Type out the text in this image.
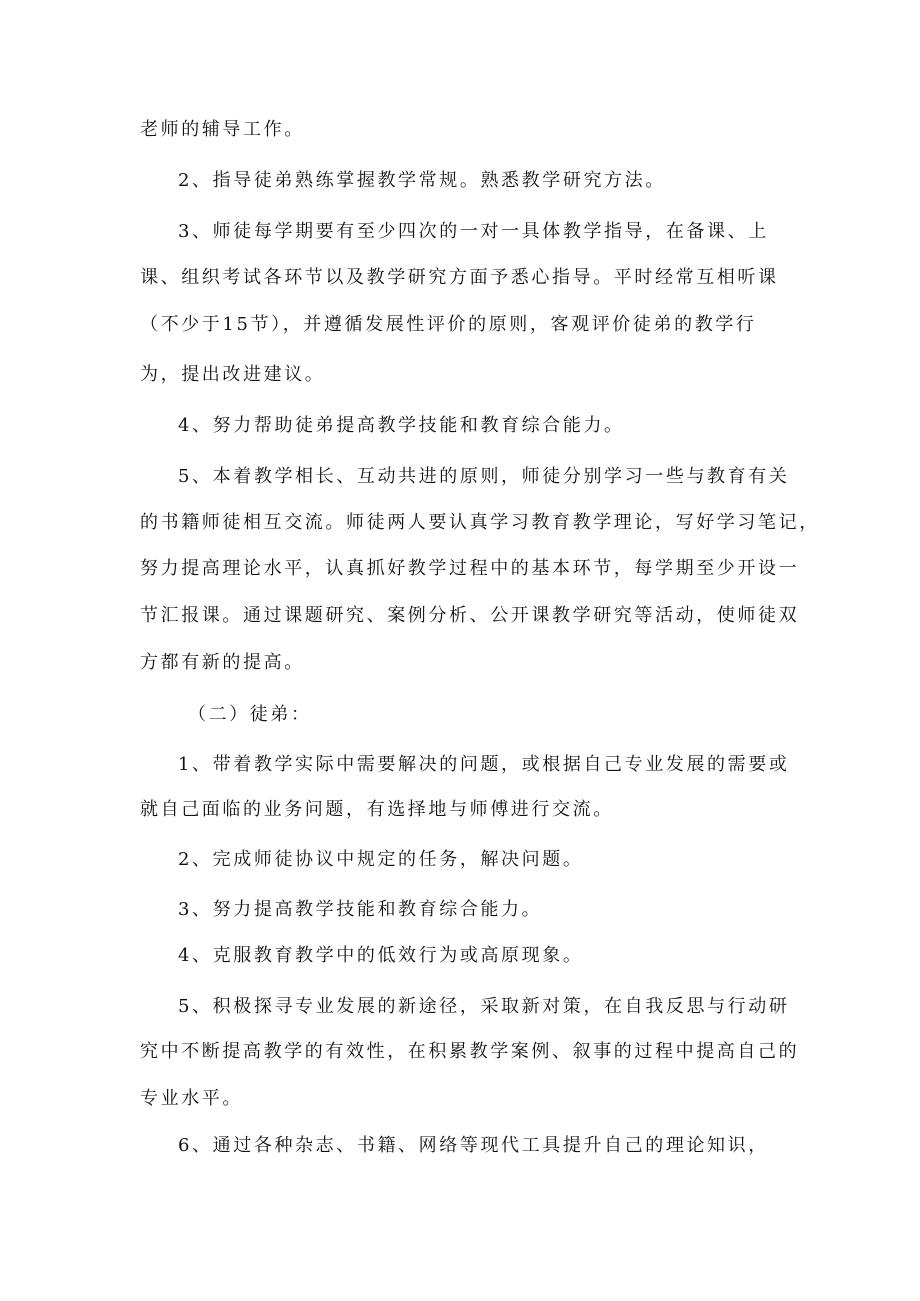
老师的辅导工作。
2、指导徒弟熟练掌握教学常规。熟悉教学研究方法。
3、师徒每学期要有至少四次的一对一具体教学指导，在备课、上
课、组织考试各环节以及教学研究方面予悉心指导。平时经常互相听课
（不少于15节），并遵循发展性评价的原则，客观评价徒弟的教学行
为，提出改进建议。
4、努力帮助徒弟提高教学技能和教育综合能力。
5、本着教学相长、互动共进的原则，师徒分别学习一些与教育有关
的书籍师徒相互交流。师徒两人要认真学习教育教学理论，写好学习笔记，
努力提高理论水平，认真抓好教学过程中的基本环节，每学期至少开设一
节汇报课。通过课题研究、案例分析、公开课教学研究等活动，使师徒双
方都有新的提高。
（二）徒弟：
1、带着教学实际中需要解决的问题，或根据自己专业发展的需要或
就自己面临的业务问题，有选择地与师傅进行交流。
2、完成师徒协议中规定的任务，解决问题。
3、努力提高教学技能和教育综合能力。
4、克服教育教学中的低效行为或高原现象。
5、积极探寻专业发展的新途径，采取新对策，在自我反思与行动研
究中不断提高教学的有效性，在积累教学案例、叙事的过程中提高自己的
专业水平。
6、通过各种杂志、书籍、网络等现代工具提升自己的理论知识，
